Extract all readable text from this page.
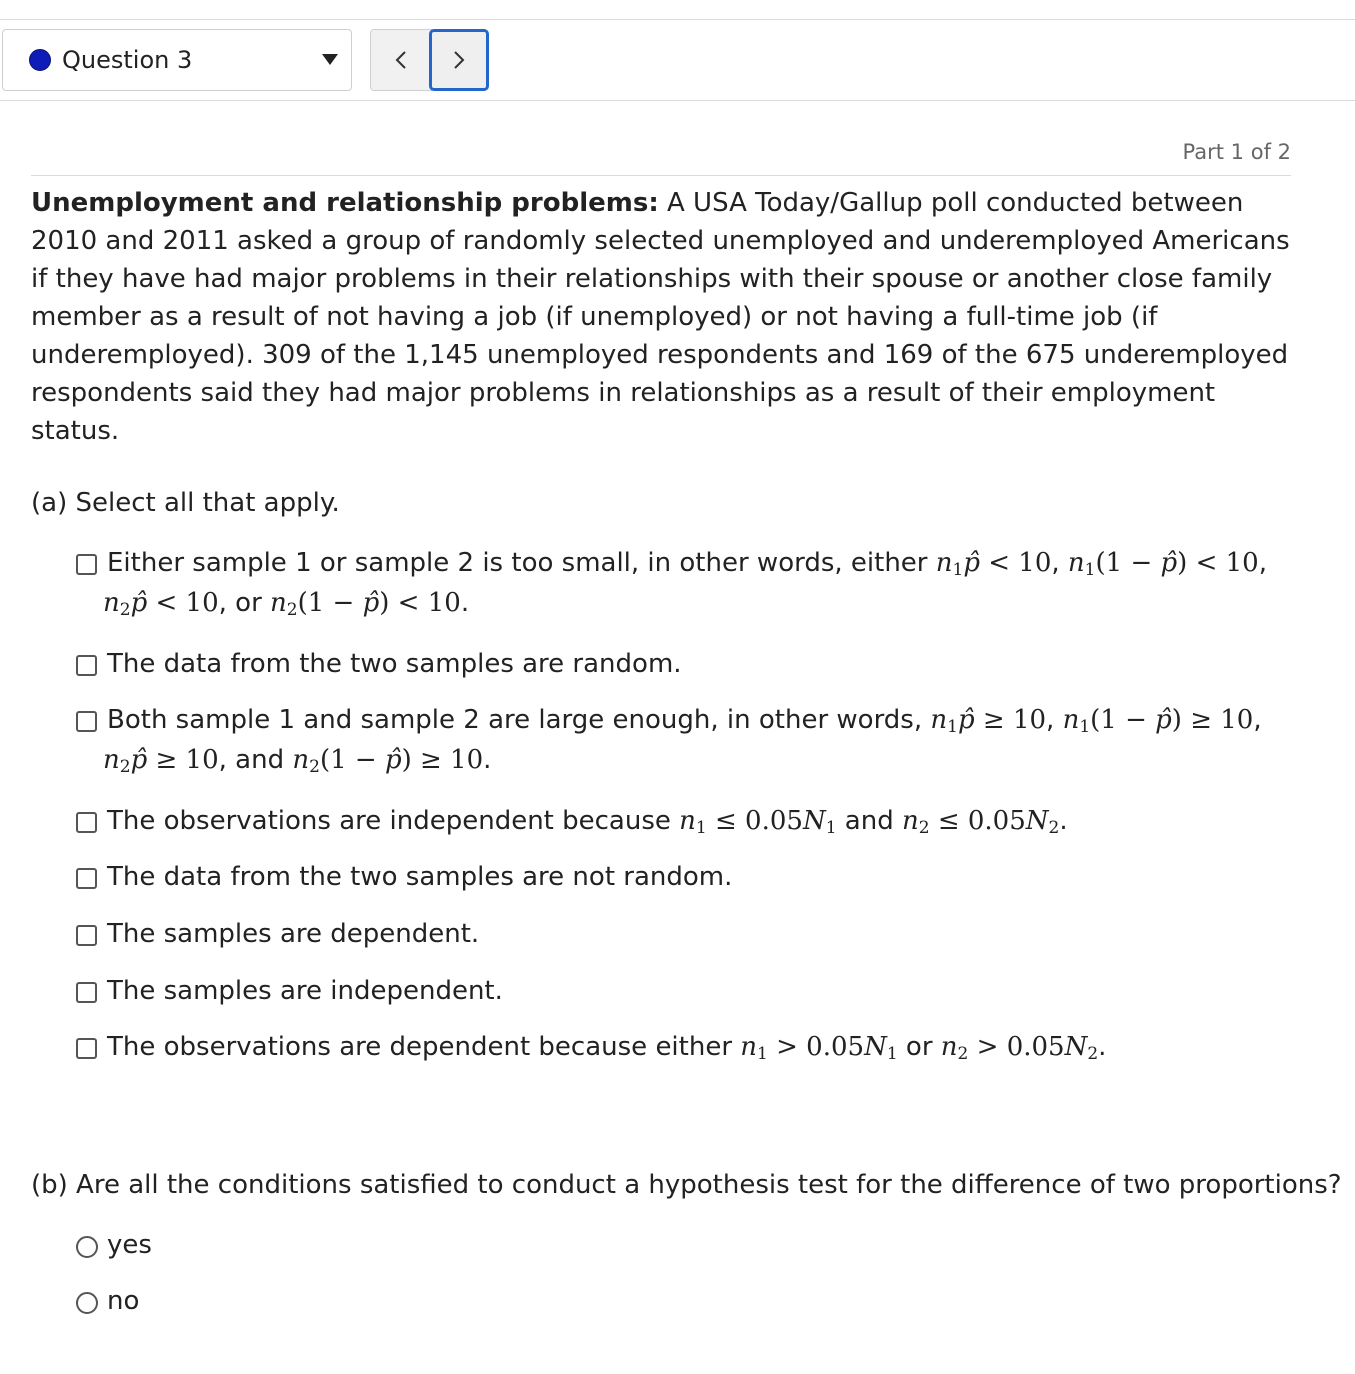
Question 3
Part 1 of 2

Unemployment and relationship problems: A USA Today/Gallup poll conducted between 2010 and 2011 asked a group of randomly selected unemployed and underemployed Americans if they have had major problems in their relationships with their spouse or another close family member as a result of not having a job (if unemployed) or not having a full-time job (if underemployed). 309 of the 1,145 unemployed respondents and 169 of the 675 underemployed respondents said they had major problems in relationships as a result of their employment status.

(a) Select all that apply.
Either sample 1 or sample 2 is too small, in other words, either $n_1p̂ < 10$, $n_1(1$ − p̂) < 10,
$n_2p̂ < 10$, or $n_2(1$ − p̂) < 10.
The data from the two samples are random.
Both sample 1 and sample 2 are large enough, in other words, $n_1p̂ \ge 10$, $n_1(1$ − p̂) ≥ 10,
$n_2p̂ \ge 10$, and $n_2(1$ − p̂) ≥ 10.
The observations are independent because $n_1 \le 0.05N_1$ and $n_2 \le 0.05N_2$.
The data from the two samples are not random.
The samples are dependent.
The samples are independent.
The observations are dependent because either $n_1 > 0.05N_1$ or $n_2 > 0.05N_2$.
(b) Are all the conditions satisfied to conduct a hypothesis test for the difference of two proportions?
yes
no
